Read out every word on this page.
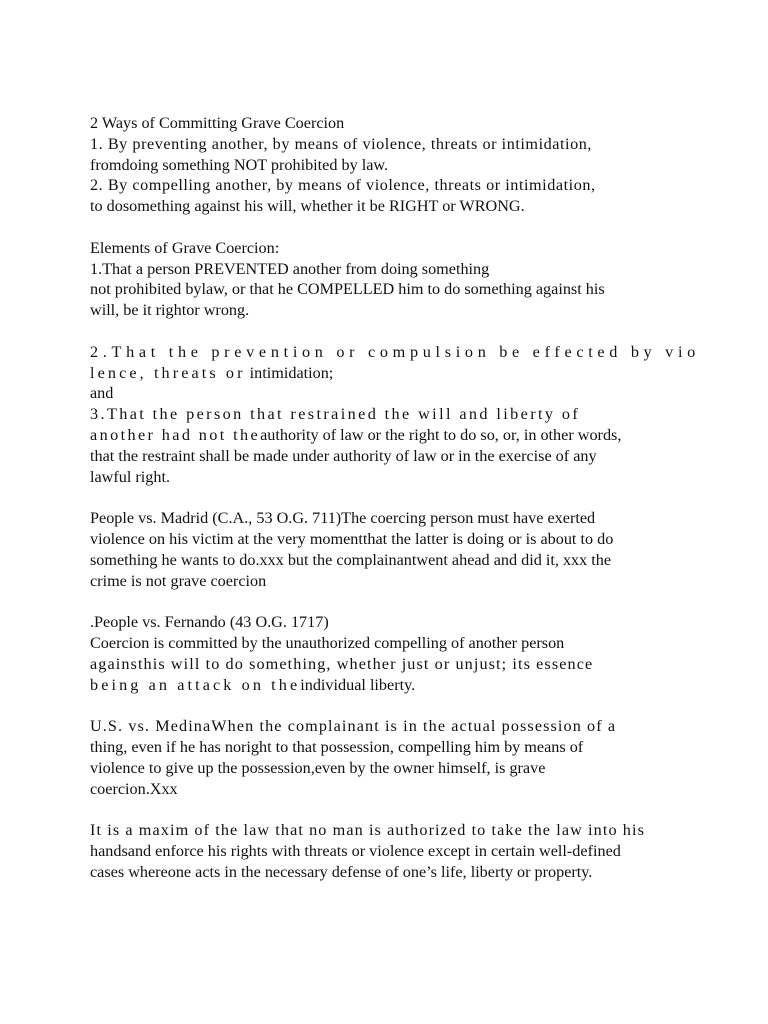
2 Ways of Committing Grave Coercion
1. By preventing another, by means of violence, threats or intimidation,
fromdoing something NOT prohibited by law.
2. By compelling another, by means of violence, threats or intimidation,
to dosomething against his will, whether it be RIGHT or WRONG.
Elements of Grave Coercion:
1.That a person PREVENTED another from doing something
not prohibited bylaw, or that he COMPELLED him to do something against his
will, be it rightor wrong.
2.That the prevention or compulsion be effected by vio
lence, threats or intimidation;
and
3.That the person that restrained the will and liberty of
another had not theauthority of law or the right to do so, or, in other words,
that the restraint shall be made under authority of law or in the exercise of any
lawful right.
People vs. Madrid (C.A., 53 O.G. 711)The coercing person must have exerted
violence on his victim at the very momentthat the latter is doing or is about to do
something he wants to do.xxx but the complainantwent ahead and did it, xxx the
crime is not grave coercion
.People vs. Fernando (43 O.G. 1717)
Coercion is committed by the unauthorized compelling of another person
againsthis will to do something, whether just or unjust; its essence
being an attack on theindividual liberty.
U.S. vs. MedinaWhen the complainant is in the actual possession of a
thing, even if he has noright to that possession, compelling him by means of
violence to give up the possession,even by the owner himself, is grave
coercion.Xxx
It is a maxim of the law that no man is authorized to take the law into his
handsand enforce his rights with threats or violence except in certain well-defined
cases whereone acts in the necessary defense of one’s life, liberty or property.
